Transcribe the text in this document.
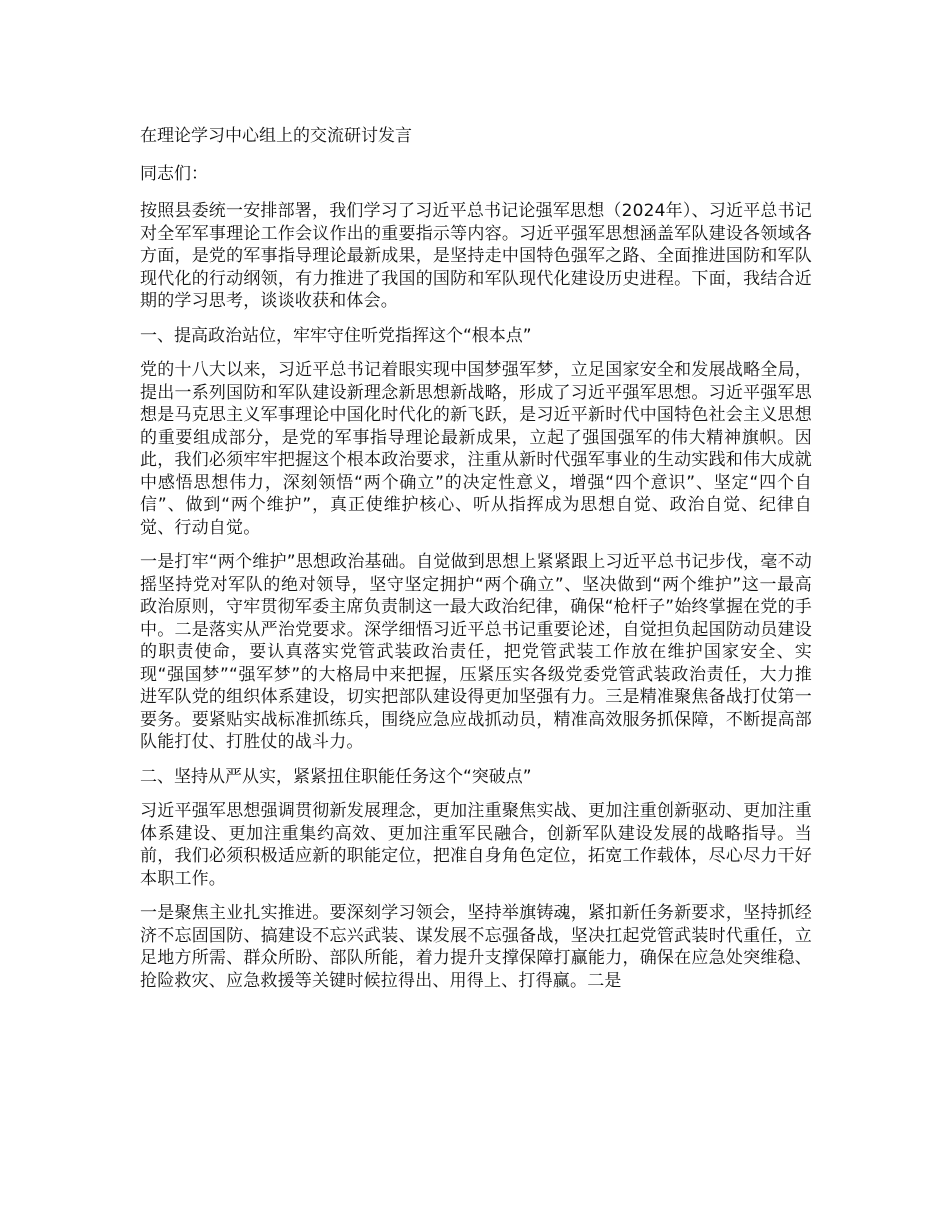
在理论学习中心组上的交流研讨发言
同志们：
按照县委统一安排部署，我们学习了习近平总书记论强军思想（2024年）、习近平总书记对全军军事理论工作会议作出的重要指示等内容。习近平强军思想涵盖军队建设各领域各方面，是党的军事指导理论最新成果，是坚持走中国特色强军之路、全面推进国防和军队现代化的行动纲领，有力推进了我国的国防和军队现代化建设历史进程。下面，我结合近期的学习思考，谈谈收获和体会。
一、提高政治站位，牢牢守住听党指挥这个“根本点”
党的十八大以来，习近平总书记着眼实现中国梦强军梦，立足国家安全和发展战略全局，提出一系列国防和军队建设新理念新思想新战略，形成了习近平强军思想。习近平强军思想是马克思主义军事理论中国化时代化的新飞跃，是习近平新时代中国特色社会主义思想的重要组成部分，是党的军事指导理论最新成果，立起了强国强军的伟大精神旗帜。因此，我们必须牢牢把握这个根本政治要求，注重从新时代强军事业的生动实践和伟大成就中感悟思想伟力，深刻领悟“两个确立”的决定性意义，增强“四个意识”、坚定“四个自信”、做到“两个维护”，真正使维护核心、听从指挥成为思想自觉、政治自觉、纪律自觉、行动自觉。
一是打牢“两个维护”思想政治基础。自觉做到思想上紧紧跟上习近平总书记步伐，毫不动摇坚持党对军队的绝对领导，坚守坚定拥护“两个确立”、坚决做到“两个维护”这一最高政治原则，守牢贯彻军委主席负责制这一最大政治纪律，确保“枪杆子”始终掌握在党的手中。二是落实从严治党要求。深学细悟习近平总书记重要论述，自觉担负起国防动员建设的职责使命，要认真落实党管武装政治责任，把党管武装工作放在维护国家安全、实现“强国梦”“强军梦”的大格局中来把握，压紧压实各级党委党管武装政治责任，大力推进军队党的组织体系建设，切实把部队建设得更加坚强有力。三是精准聚焦备战打仗第一要务。要紧贴实战标准抓练兵，围绕应急应战抓动员，精准高效服务抓保障，不断提高部队能打仗、打胜仗的战斗力。
二、坚持从严从实，紧紧扭住职能任务这个“突破点”
习近平强军思想强调贯彻新发展理念，更加注重聚焦实战、更加注重创新驱动、更加注重体系建设、更加注重集约高效、更加注重军民融合，创新军队建设发展的战略指导。当前，我们必须积极适应新的职能定位，把准自身角色定位，拓宽工作载体，尽心尽力干好本职工作。
一是聚焦主业扎实推进。要深刻学习领会，坚持举旗铸魂，紧扣新任务新要求，坚持抓经济不忘固国防、搞建设不忘兴武装、谋发展不忘强备战，坚决扛起党管武装时代重任，立足地方所需、群众所盼、部队所能，着力提升支撑保障打赢能力，确保在应急处突维稳、抢险救灾、应急救援等关键时候拉得出、用得上、打得赢。二是
